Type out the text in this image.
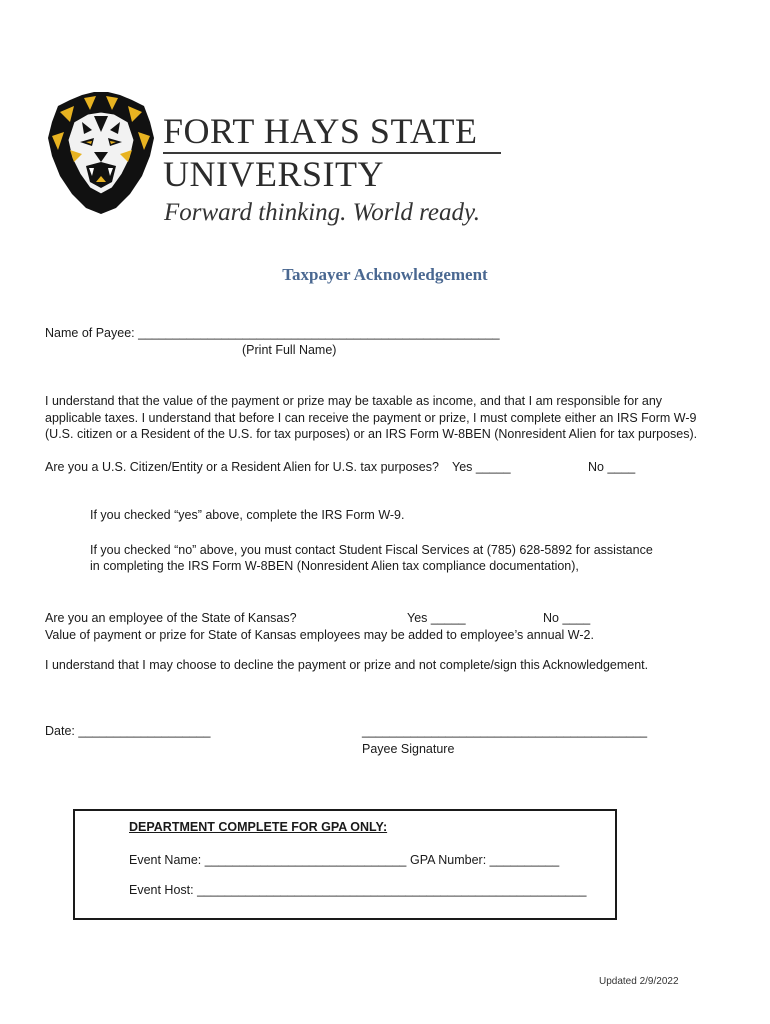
FORT HAYS STATE
UNIVERSITY
Forward thinking. World ready.
Taxpayer Acknowledgement
Name of Payee: ____________________________________________________
(Print Full Name)
I understand that the value of the payment or prize may be taxable as income, and that I am responsible for any
applicable taxes. I understand that before I can receive the payment or prize, I must complete either an IRS Form W-9
(U.S. citizen or a Resident of the U.S. for tax purposes) or an IRS Form W-8BEN (Nonresident Alien for tax purposes).
Are you a U.S. Citizen/Entity or a Resident Alien for U.S. tax purposes? Yes _____	No ____
If you checked “yes” above, complete the IRS Form W-9.
If you checked “no” above, you must contact Student Fiscal Services at (785) 628-5892 for assistance
in completing the IRS Form W-8BEN (Nonresident Alien tax compliance documentation),
Are you an employee of the State of Kansas?	Yes _____	No ____
Value of payment or prize for State of Kansas employees may be added to employee’s annual W-2.
I understand that I may choose to decline the payment or prize and not complete/sign this Acknowledgement.
Date: ___________________	_________________________________________
Payee Signature
DEPARTMENT COMPLETE FOR GPA ONLY:
Event Name: _____________________________ GPA Number: __________
Event Host: ________________________________________________________
Updated 2/9/2022
